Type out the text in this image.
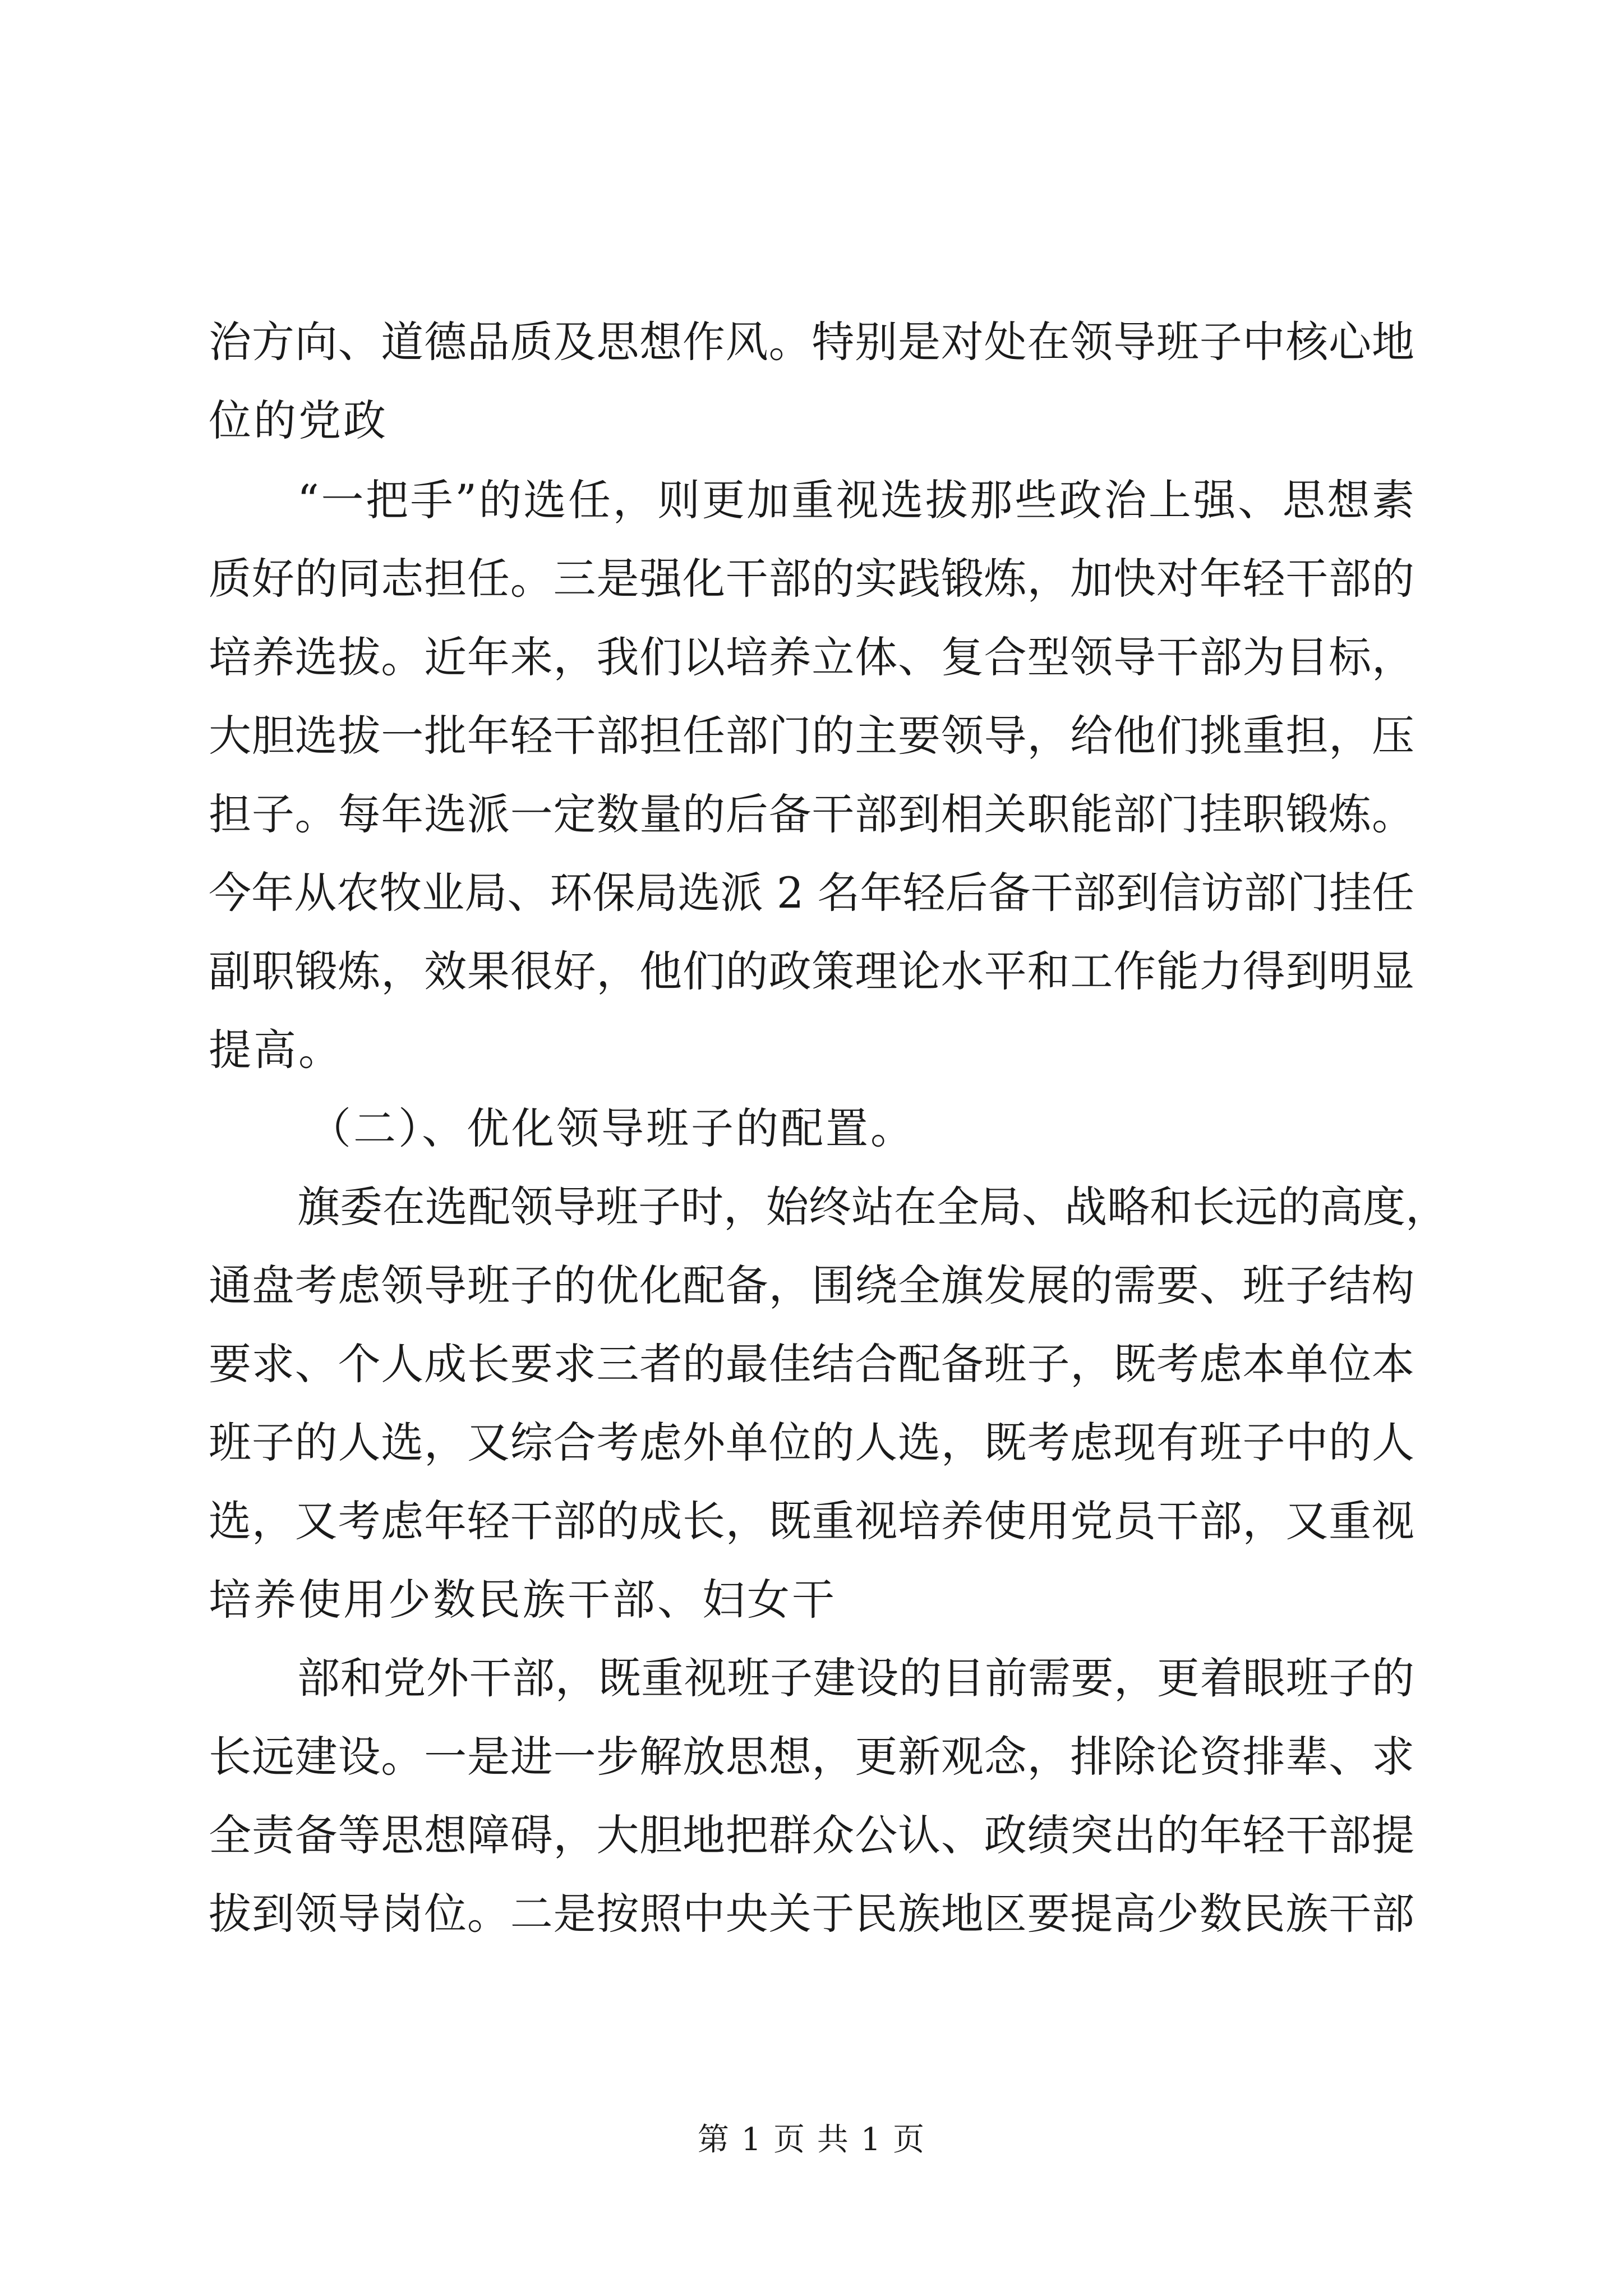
治方向、道德品质及思想作风。特别是对处在领导班子中核心地
位的党政
“一把手”的选任，则更加重视选拔那些政治上强、思想素
质好的同志担任。三是强化干部的实践锻炼，加快对年轻干部的
培养选拔。近年来，我们以培养立体、复合型领导干部为目标，
大胆选拔一批年轻干部担任部门的主要领导，给他们挑重担，压
担子。每年选派一定数量的后备干部到相关职能部门挂职锻炼。
今年从农牧业局、环保局选派 2 名年轻后备干部到信访部门挂任
副职锻炼，效果很好，他们的政策理论水平和工作能力得到明显
提高。
（二）、优化领导班子的配置。
旗委在选配领导班子时，始终站在全局、战略和长远的高度，
通盘考虑领导班子的优化配备，围绕全旗发展的需要、班子结构
要求、个人成长要求三者的最佳结合配备班子，既考虑本单位本
班子的人选，又综合考虑外单位的人选，既考虑现有班子中的人
选，又考虑年轻干部的成长，既重视培养使用党员干部，又重视
培养使用少数民族干部、妇女干
部和党外干部，既重视班子建设的目前需要，更着眼班子的
长远建设。一是进一步解放思想，更新观念，排除论资排辈、求
全责备等思想障碍，大胆地把群众公认、政绩突出的年轻干部提
拔到领导岗位。二是按照中央关于民族地区要提高少数民族干部
第 1 页 共 1 页
